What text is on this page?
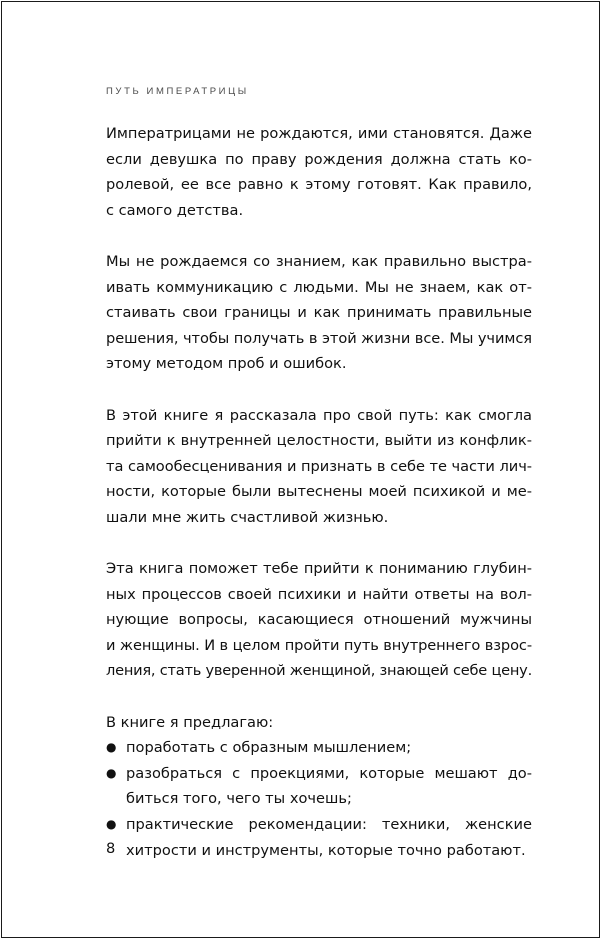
ПУТЬ ИМПЕРАТРИЦЫ

Императрицами не рождаются, ими становятся. Даже
если девушка по праву рождения должна стать ко-
ролевой, ее все равно к этому готовят. Как правило,
с самого детства.

Мы не рождаемся со знанием, как правильно выстра-
ивать коммуникацию с людьми. Мы не знаем, как от-
стаивать свои границы и как принимать правильные
решения, чтобы получать в этой жизни все. Мы учимся
этому методом проб и ошибок.

В этой книге я рассказала про свой путь: как смогла
прийти к внутренней целостности, выйти из конфлик-
та самообесценивания и признать в себе те части лич-
ности, которые были вытеснены моей психикой и ме-
шали мне жить счастливой жизнью.

Эта книга поможет тебе прийти к пониманию глубин-
ных процессов своей психики и найти ответы на вол-
нующие вопросы, касающиеся отношений мужчины
и женщины. И в целом пройти путь внутреннего взрос-
ления, стать уверенной женщиной, знающей себе цену.

В книге я предлагаю:

● поработать с образным мышлением;
● разобраться с проекциями, которые мешают до-
биться того, чего ты хочешь;
● практические рекомендации: техники, женские
хитрости и инструменты, которые точно работают.
8
